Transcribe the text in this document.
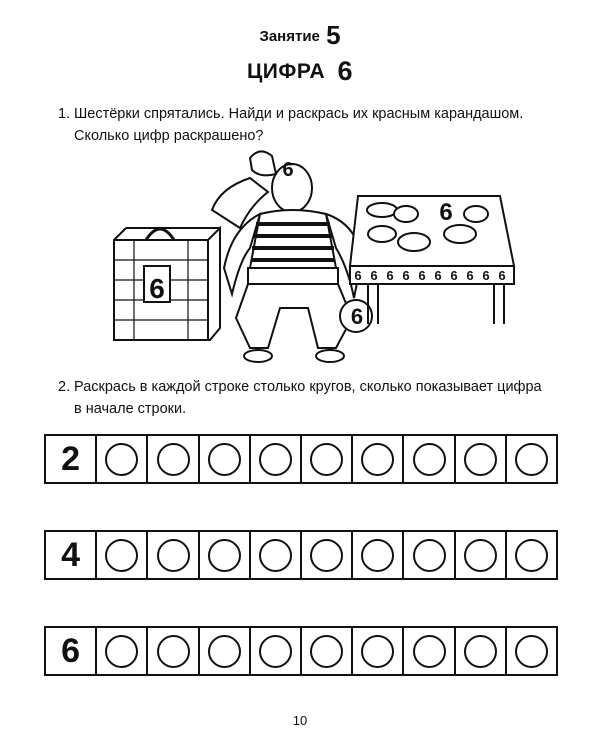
Занятие 5
ЦИФРА 6
1. Шестёрки спрятались. Найди и раскрась их красным карандашом.
Сколько цифр раскрашено?
6
6
6
6
6 6 6 6 6 6 6 6 6 6
2. Раскрась в каждой строке столько кругов, сколько показывает цифра
в начале строки.
2
4
6
10
